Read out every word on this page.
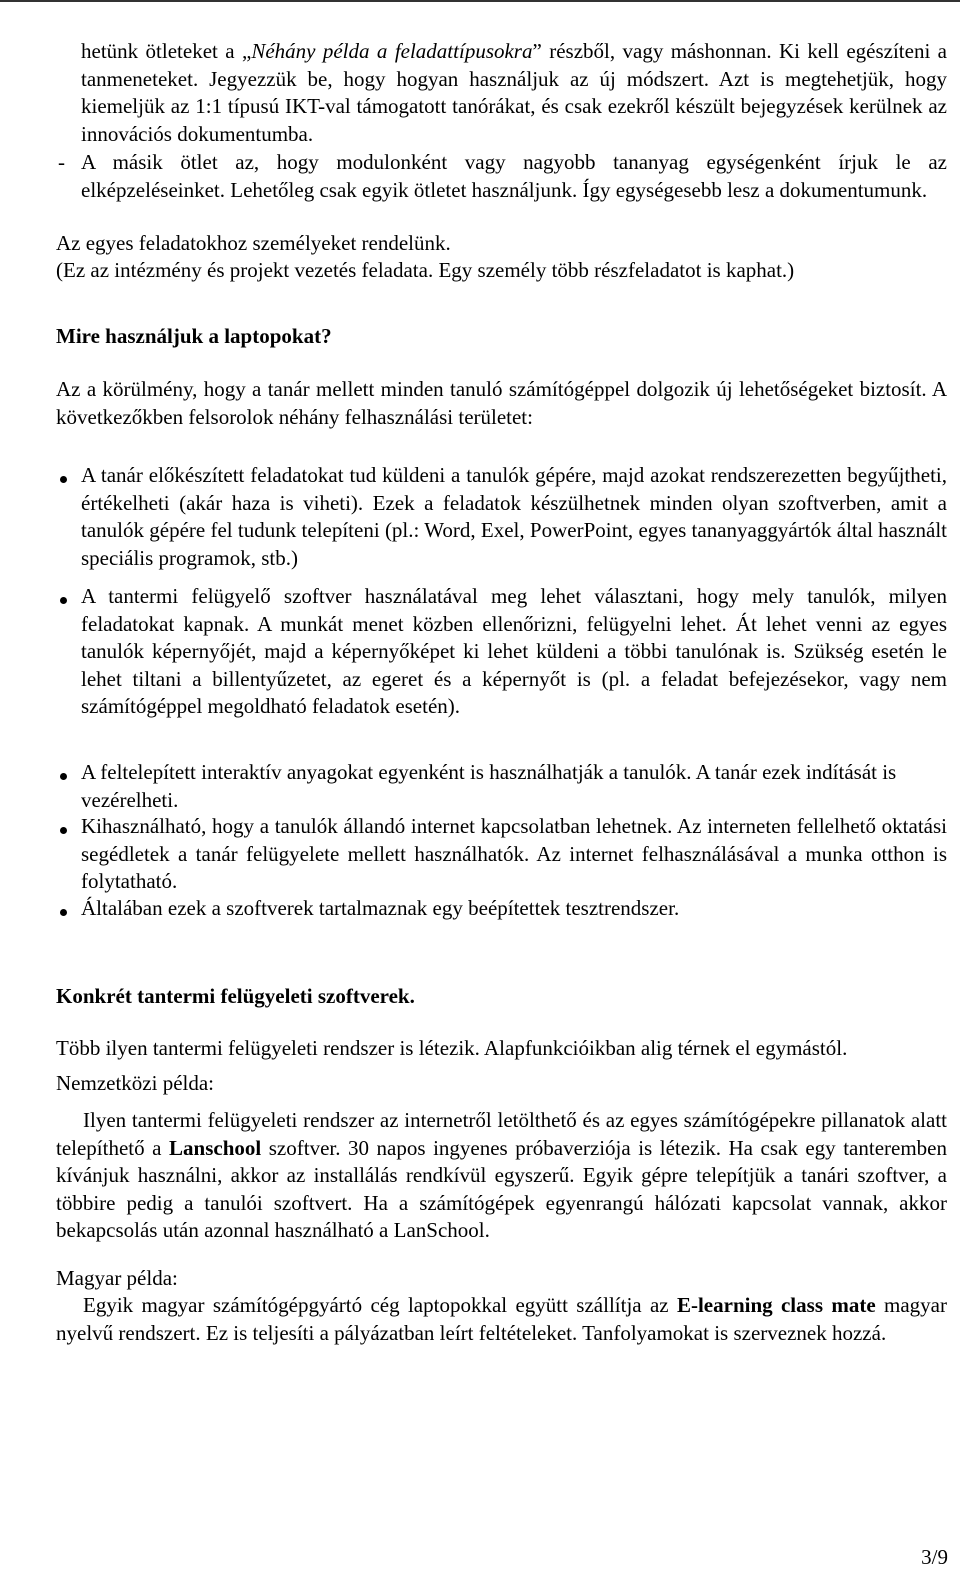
hetünk ötleteket a „Néhány példa a feladattípusokra” részből, vagy máshonnan. Ki kell egészíteni a tanmeneteket. Jegyezzük be, hogy hogyan használjuk az új módszert. Azt is megtehetjük, hogy kiemeljük az 1:1 típusú IKT-val támogatott tanórákat, és csak ezekről készült bejegyzések kerülnek az innovációs dokumentumba.

- A másik ötlet az, hogy modulonként vagy nagyobb tananyag egységenként írjuk le az elképzeléseinket. Lehetőleg csak egyik ötletet használjunk. Így egységesebb lesz a dokumentumunk.

Az egyes feladatokhoz személyeket rendelünk.

(Ez az intézmény és projekt vezetés feladata. Egy személy több részfeladatot is kaphat.)

Mire használjuk a laptopokat?

Az a körülmény, hogy a tanár mellett minden tanuló számítógéppel dolgozik új lehetőségeket biztosít. A következőkben felsorolok néhány felhasználási területet:

A tanár előkészített feladatokat tud küldeni a tanulók gépére, majd azokat rendszerezetten begyűjtheti, értékelheti (akár haza is viheti). Ezek a feladatok készülhetnek minden olyan szoftverben, amit a tanulók gépére fel tudunk telepíteni (pl.: Word, Exel, PowerPoint, egyes tananyaggyártók által használt speciális programok, stb.)

A tantermi felügyelő szoftver használatával meg lehet választani, hogy mely tanulók, milyen feladatokat kapnak. A munkát menet közben ellenőrizni, felügyelni lehet. Át lehet venni az egyes tanulók képernyőjét, majd a képernyőképet ki lehet küldeni a többi tanulónak is. Szükség esetén le lehet tiltani a billentyűzetet, az egeret és a képernyőt is (pl. a feladat befejezésekor, vagy nem számítógéppel megoldható feladatok esetén).

A feltelepített interaktív anyagokat egyenként is használhatják a tanulók. A tanár ezek indítását is vezérelheti.

Kihasználható, hogy a tanulók állandó internet kapcsolatban lehetnek. Az interneten fellelhető oktatási segédletek a tanár felügyelete mellett használhatók. Az internet felhasználásával a munka otthon is folytatható.

Általában ezek a szoftverek tartalmaznak egy beépítettek tesztrendszer.

Konkrét tantermi felügyeleti szoftverek.

Több ilyen tantermi felügyeleti rendszer is létezik. Alapfunkcióikban alig térnek el egymástól.

Nemzetközi példa:

Ilyen tantermi felügyeleti rendszer az internetről letölthető és az egyes számítógépekre pillanatok alatt telepíthető a Lanschool szoftver. 30 napos ingyenes próbaverziója is létezik. Ha csak egy tanteremben kívánjuk használni, akkor az installálás rendkívül egyszerű. Egyik gépre telepítjük a tanári szoftver, a többire pedig a tanulói szoftvert. Ha a számítógépek egyenrangú hálózati kapcsolat vannak, akkor bekapcsolás után azonnal használható a LanSchool.

Magyar példa:

Egyik magyar számítógépgyártó cég laptopokkal együtt szállítja az E-learning class mate magyar nyelvű rendszert. Ez is teljesíti a pályázatban leírt feltételeket. Tanfolyamokat is szerveznek hozzá.

3/9
